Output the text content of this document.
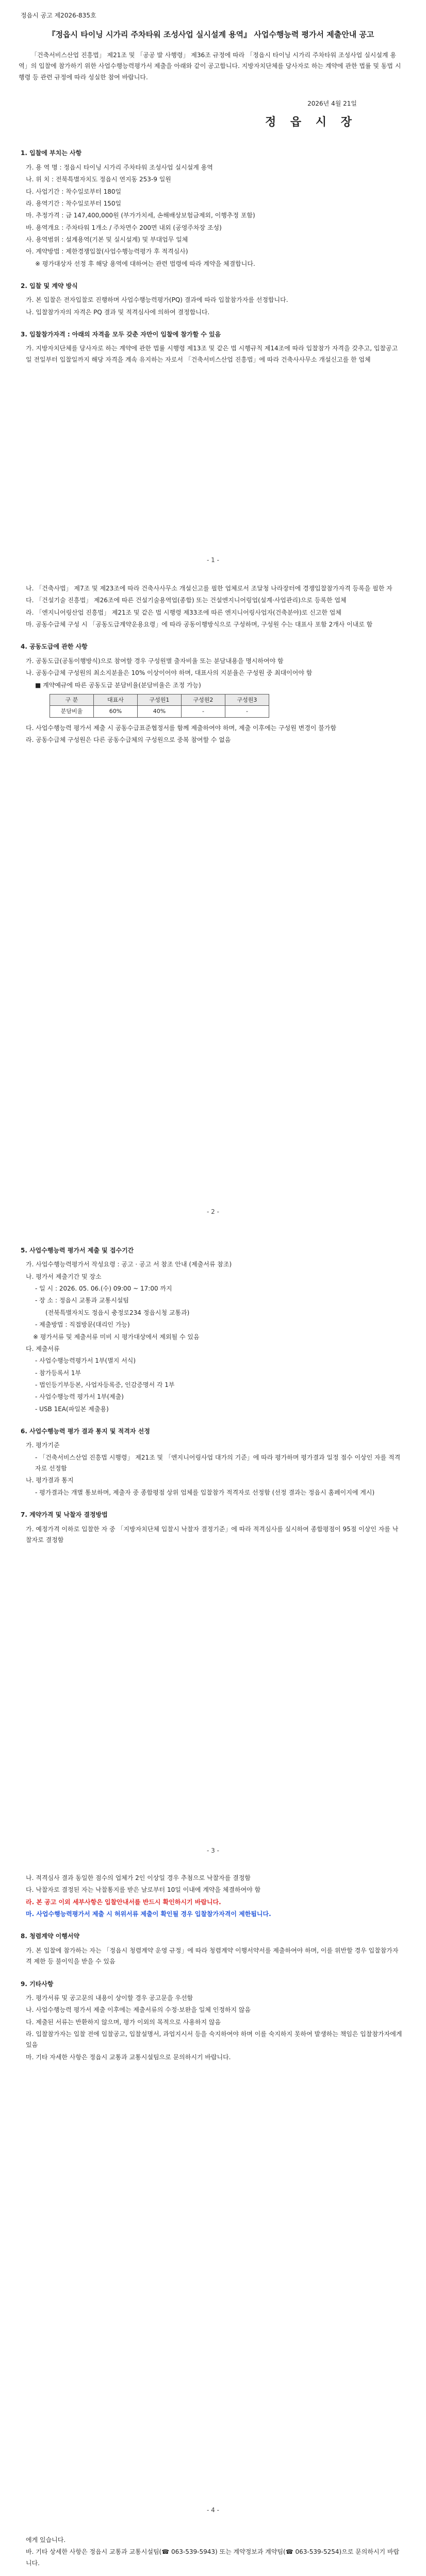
정읍시 공고 제2026-835호
『정읍시 타이닝 시가리 주차타워 조성사업 실시설계 용역』 사업수행능력 평가서 제출안내 공고
「건축서비스산업 진흥법」 제21조 및 「공공 발 사행령」 제36조 규정에 따라 「정읍시 타이닝 시가리 주차타워 조성사업 실시설계 용역」의 입찰에 참가하기 위한 사업수행능력평가서 제출을 아래와 같이 공고합니다. 지방자치단체를 당사자로 하는 계약에 관한 법률 및 동법 시행령 등 관련 규정에 따라 성실한 참여 바랍니다.
2026년 4월 21일
정 읍 시 장
1. 입찰에 부치는 사항
가. 용 역 명 : 정읍시 타이닝 시가리 주차타워 조성사업 실시설계 용역
나. 위 치 : 전북특별자치도 정읍시 연지동 253-9 일원
다. 사업기간 : 착수일로부터 180일
라. 용역기간 : 착수일로부터 150일
마. 추정가격 : 금 147,400,000원 (부가가치세, 손해배상보험금제외, 이행추정 포함)
바. 용역개요 : 주차타워 1개소 / 주차면수 200면 내외 (공영주차장 조성)
사. 용역범위 : 설계용역(기본 및 실시설계) 및 부대업무 일체
아. 계약방법 : 제한경쟁입찰(사업수행능력평가 후 적격심사)
※ 평가대상자 선정 후 해당 용역에 대하여는 관련 법령에 따라 계약을 체결합니다.
2. 입찰 및 계약 방식
가. 본 입찰은 전자입찰로 진행하며 사업수행능력평가(PQ) 결과에 따라 입찰참가자를 선정합니다.
나. 입찰참가자의 자격은 PQ 결과 및 적격심사에 의하여 결정합니다.
3. 입찰참가자격 : 아래의 자격을 모두 갖춘 자만이 입찰에 참가할 수 있음
가. 지방자치단체를 당사자로 하는 계약에 관한 법률 시행령 제13조 및 같은 법 시행규칙 제14조에 따라 입찰참가 자격을 갖추고, 입찰공고일 전일부터 입찰일까지 해당 자격을 계속 유지하는 자로서 「건축서비스산업 진흥법」에 따라 건축사사무소 개설신고를 한 업체
- 1 -
나. 「건축사법」 제7조 및 제23조에 따라 건축사사무소 개설신고를 필한 업체로서 조달청 나라장터에 경쟁입찰참가자격 등록을 필한 자
다. 「건설기술 진흥법」 제26조에 따른 건설기술용역업(종합) 또는 건설엔지니어링업(설계·사업관리)으로 등록한 업체
라. 「엔지니어링산업 진흥법」 제21조 및 같은 법 시행령 제33조에 따른 엔지니어링사업자(건축분야)로 신고한 업체
마. 공동수급체 구성 시 「공동도급계약운용요령」에 따라 공동이행방식으로 구성하며, 구성원 수는 대표사 포함 2개사 이내로 함
4. 공동도급에 관한 사항
가. 공동도급(공동이행방식)으로 참여할 경우 구성원별 출자비율 또는 분담내용을 명시하여야 함
나. 공동수급체 구성원의 최소지분율은 10% 이상이어야 하며, 대표사의 지분율은 구성원 중 최대이어야 함
■ 계약예규에 따른 공동도급 분담비율(분담비율은 조정 가능)
구 분	대표사	구성원1	구성원2	구성원3
분담비율	60%	40%	-	-
다. 사업수행능력 평가서 제출 시 공동수급표준협정서를 함께 제출하여야 하며, 제출 이후에는 구성원 변경이 불가함
라. 공동수급체 구성원은 다른 공동수급체의 구성원으로 중복 참여할 수 없음
- 2 -
5. 사업수행능력 평가서 제출 및 접수기간
가. 사업수행능력평가서 작성요령 : 공고 · 공고 서 참조 안내 (제출서류 참조)
나. 평가서 제출기간 및 장소
- 일 시 : 2026. 05. 06.(수) 09:00 ~ 17:00 까지
- 장 소 : 정읍시 교통과 교통시설팀
(전북특별자치도 정읍시 충정로234 정읍시청 교통과)
- 제출방법 : 직접방문(대리인 가능)
※ 평가서류 및 제출서류 미비 시 평가대상에서 제외될 수 있음
다. 제출서류
- 사업수행능력평가서 1부(별지 서식)
- 참가등록서 1부
- 법인등기부등본, 사업자등록증, 인감증명서 각 1부
- 사업수행능력 평가서 1부(제출)
- USB 1EA(파일본 제출용)
6. 사업수행능력 평가 결과 통지 및 적격자 선정
가. 평가기준
- 「건축서비스산업 진흥법 시행령」 제21조 및 「엔지니어링사업 대가의 기준」에 따라 평가하며 평가결과 일정 점수 이상인 자를 적격자로 선정함
나. 평가결과 통지
- 평가결과는 개별 통보하며, 제출자 중 종합평점 상위 업체를 입찰참가 적격자로 선정함 (선정 결과는 정읍시 홈페이지에 게시)
7. 계약가격 및 낙찰자 결정방법
가. 예정가격 이하로 입찰한 자 중 「지방자치단체 입찰시 낙찰자 결정기준」에 따라 적격심사를 실시하여 종합평점이 95점 이상인 자를 낙찰자로 결정함
- 3 -
나. 적격심사 결과 동일한 점수의 업체가 2인 이상일 경우 추첨으로 낙찰자를 결정함
다. 낙찰자로 결정된 자는 낙찰통지를 받은 날로부터 10일 이내에 계약을 체결하여야 함
라. 본 공고 이외 세부사항은 입찰안내서를 반드시 확인하시기 바랍니다.
마. 사업수행능력평가서 제출 시 허위서류 제출이 확인될 경우 입찰참가자격이 제한됩니다.
8. 청렴계약 이행서약
가. 본 입찰에 참가하는 자는 「정읍시 청렴계약 운영 규정」에 따라 청렴계약 이행서약서를 제출하여야 하며, 이를 위반할 경우 입찰참가자격 제한 등 불이익을 받을 수 있음
9. 기타사항
가. 평가서류 및 공고문의 내용이 상이할 경우 공고문을 우선함
나. 사업수행능력 평가서 제출 이후에는 제출서류의 수정·보완을 일체 인정하지 않음
다. 제출된 서류는 반환하지 않으며, 평가 이외의 목적으로 사용하지 않음
라. 입찰참가자는 입찰 전에 입찰공고, 입찰설명서, 과업지시서 등을 숙지하여야 하며 이를 숙지하지 못하여 발생하는 책임은 입찰참가자에게 있음
마. 기타 자세한 사항은 정읍시 교통과 교통시설팀으로 문의하시기 바랍니다.
- 4 -
에게 있습니다.
바. 기타 상세한 사항은 정읍시 교통과 교통시설팀(☎ 063-539-5943) 또는 계약정보과 계약팀(☎ 063-539-5254)으로 문의하시기 바랍니다.
